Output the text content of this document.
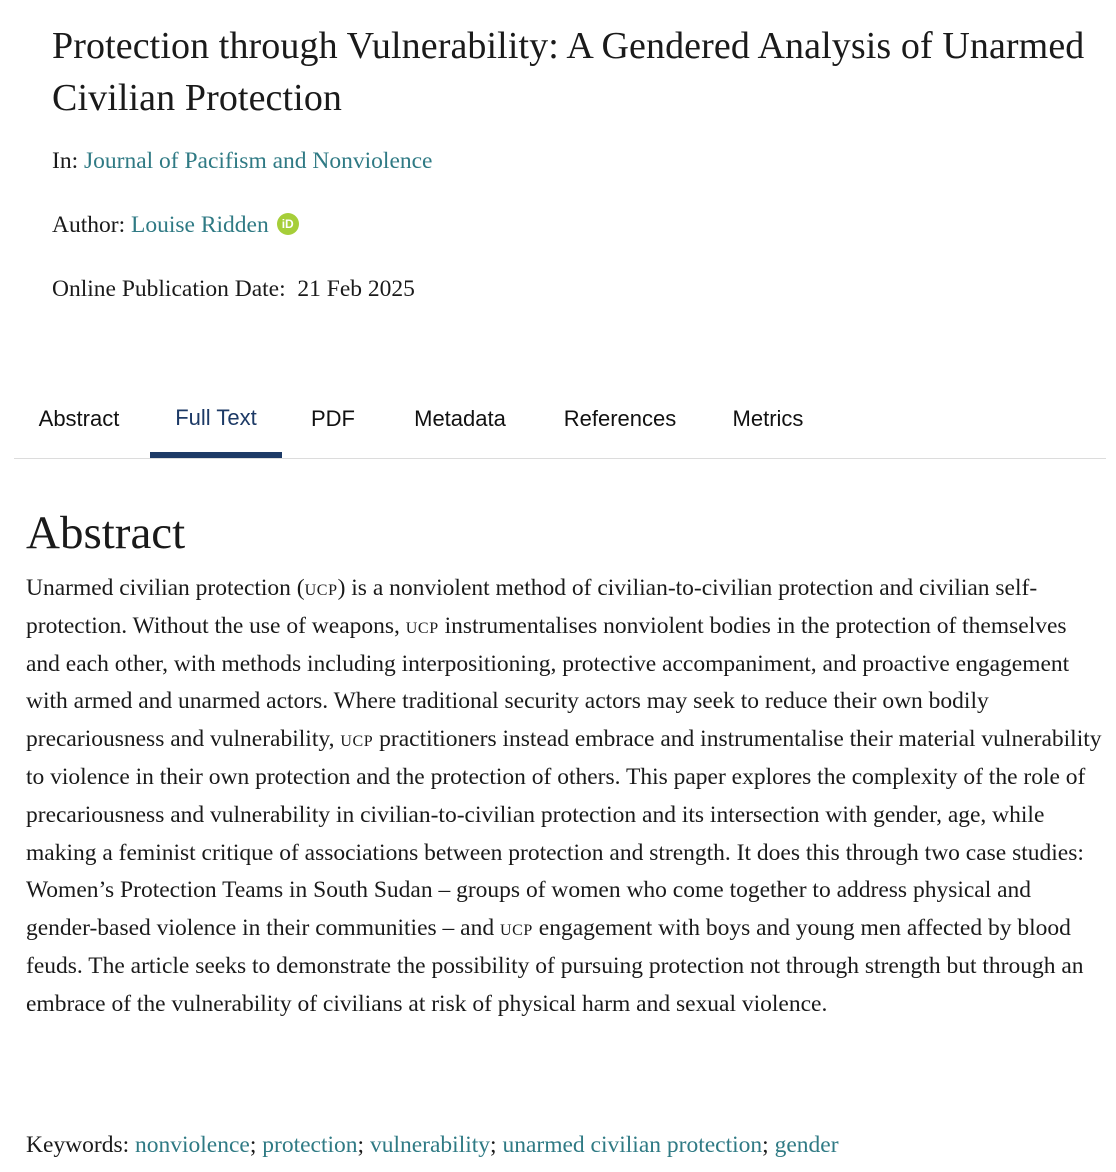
Protection through Vulnerability: A Gendered Analysis of Unarmed Civilian Protection
In: Journal of Pacifism and Nonviolence
Author: Louise Ridden iD
Online Publication Date: 21 Feb 2025
Abstract	Full Text	PDF	Metadata	References	Metrics
Abstract

Unarmed civilian protection (ucp) is a nonviolent method of civilian-to-civilian protection and civilian self-protection. Without the use of weapons, ucp instrumentalises nonviolent bodies in the protection of themselves and each other, with methods including interpositioning, protective accompaniment, and proactive engagement with armed and unarmed actors. Where traditional security actors may seek to reduce their own bodily precariousness and vulnerability, ucp practitioners instead embrace and instrumentalise their material vulnerability to violence in their own protection and the protection of others. This paper explores the complexity of the role of precariousness and vulnerability in civilian-to-civilian protection and its intersection with gender, age, while making a feminist critique of associations between protection and strength. It does this through two case studies: Women’s Protection Teams in South Sudan – groups of women who come together to address physical and gender-based violence in their communities – and ucp engagement with boys and young men affected by blood feuds. The article seeks to demonstrate the possibility of pursuing protection not through strength but through an embrace of the vulnerability of civilians at risk of physical harm and sexual violence.

Keywords: nonviolence; protection; vulnerability; unarmed civilian protection; gender
